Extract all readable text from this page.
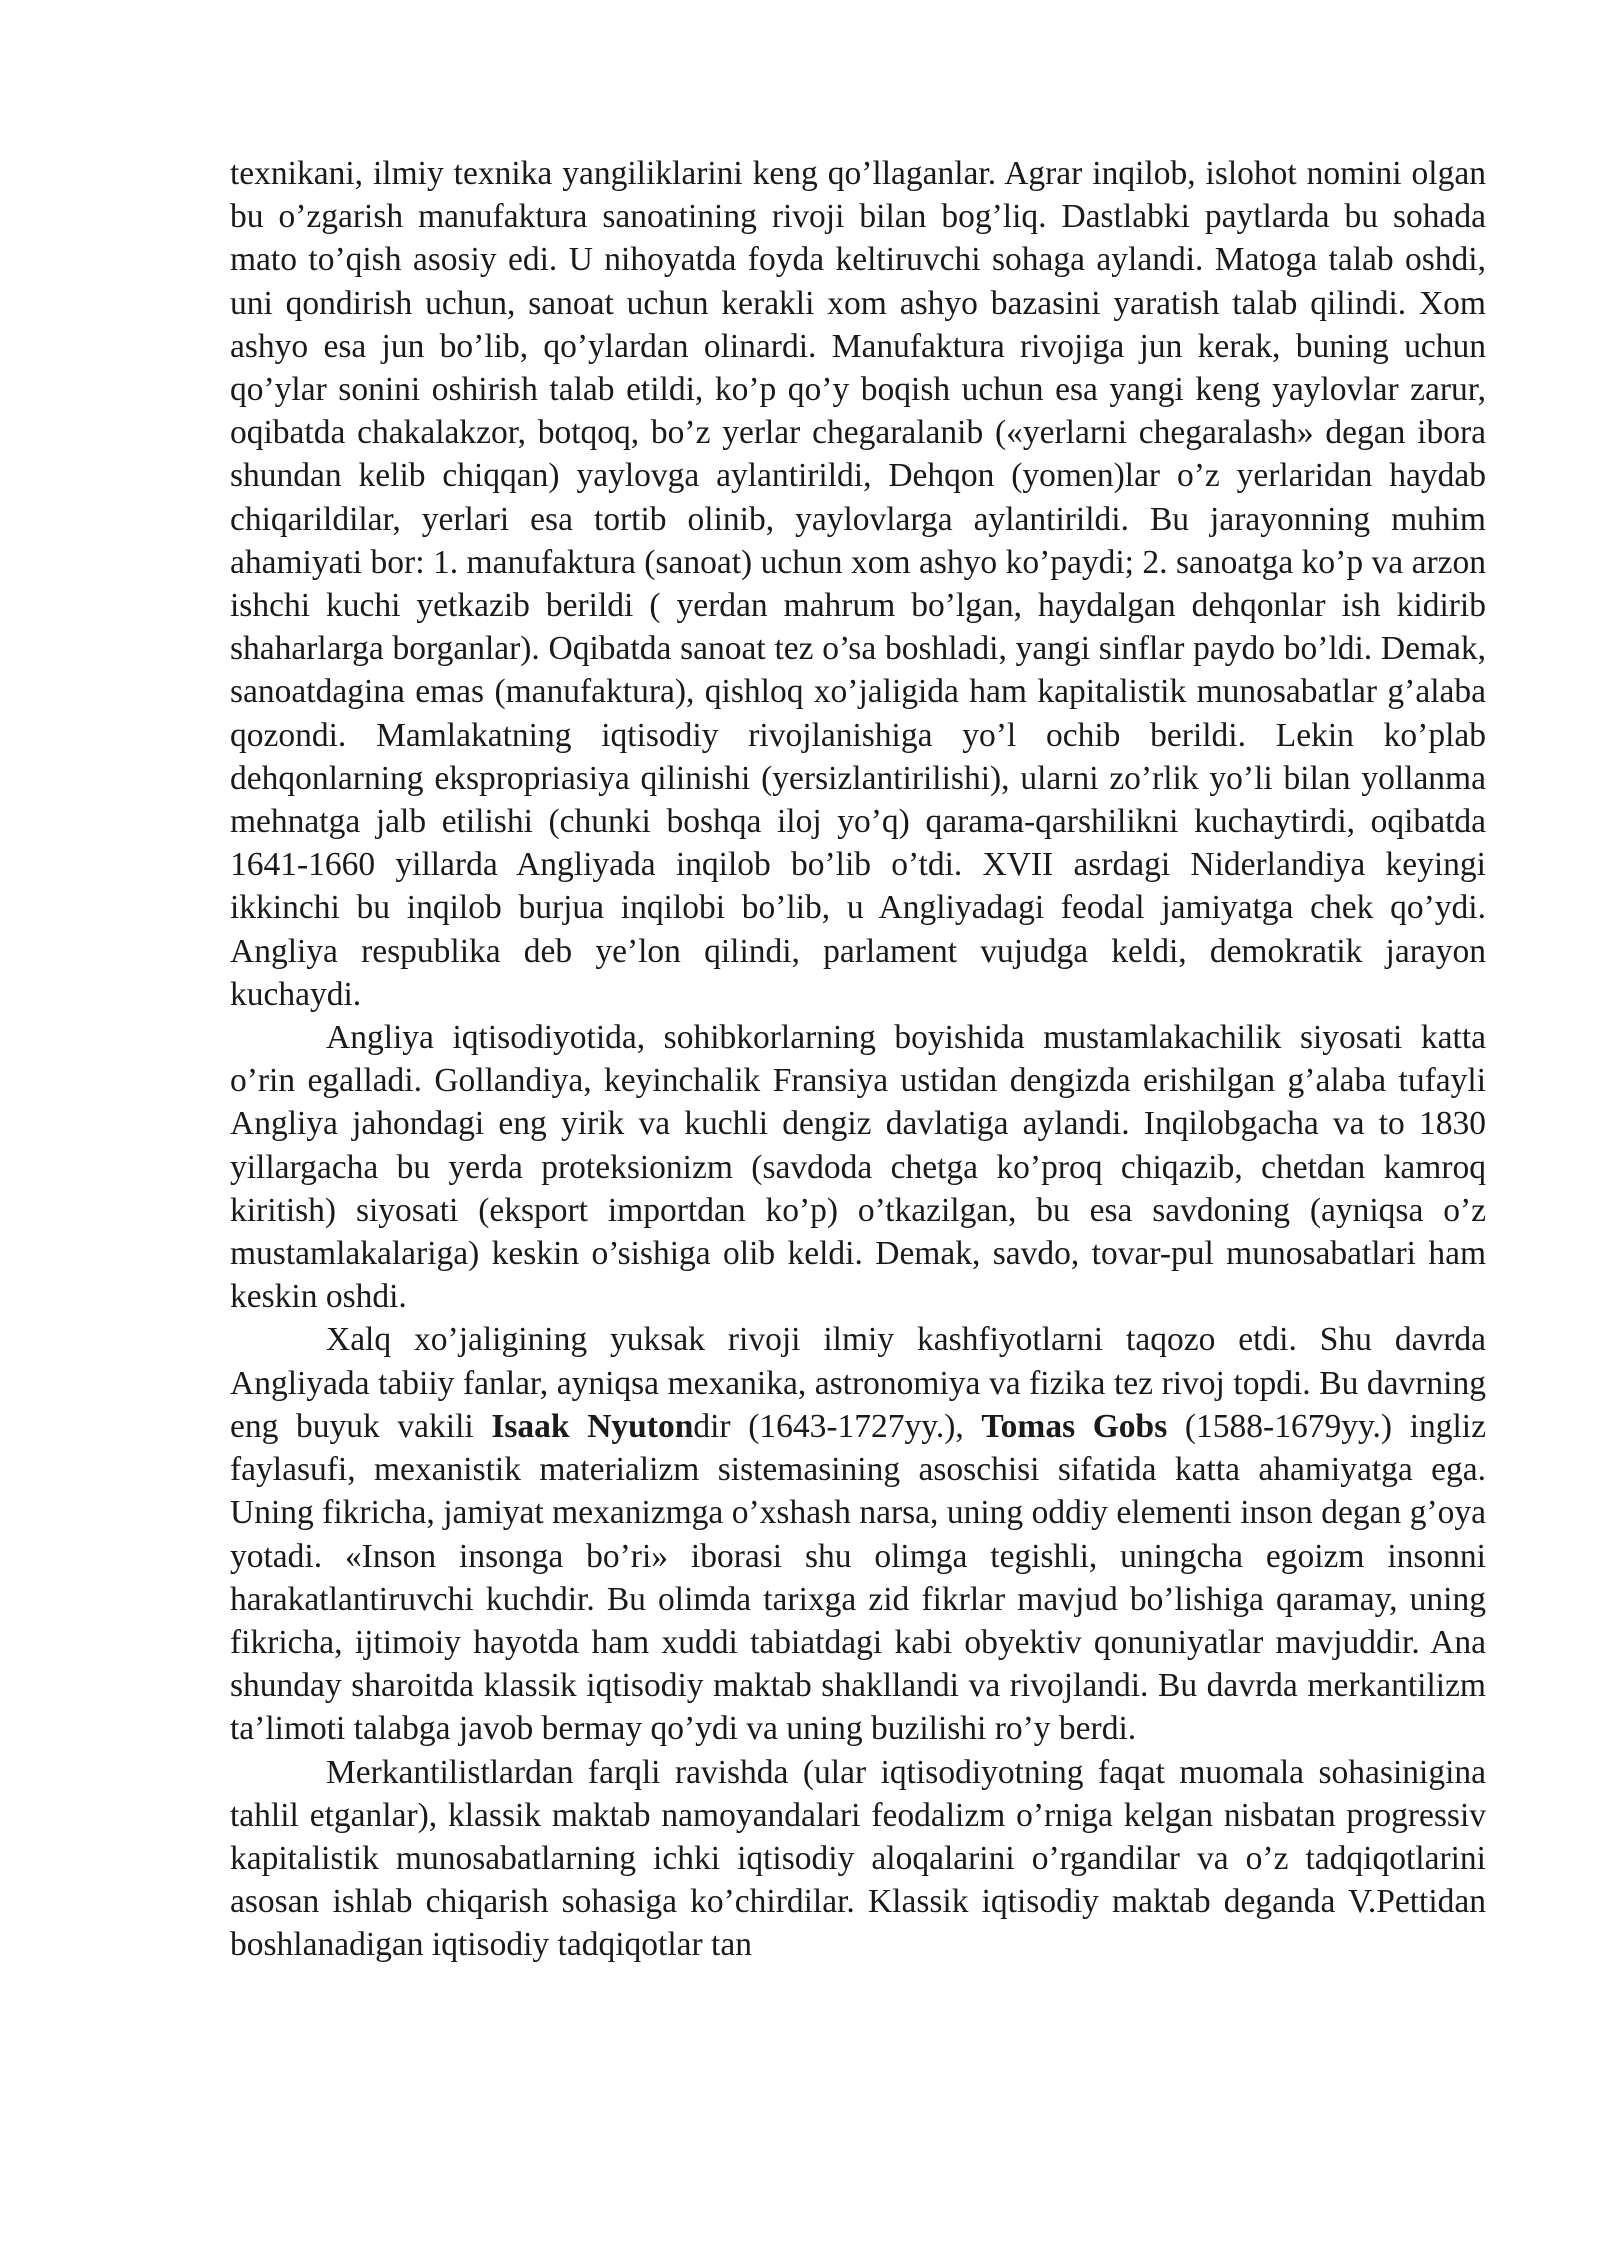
texnikani, ilmiy texnika yangiliklarini keng qo’llaganlar. Agrar inqilob, islohot nomini olgan bu o’zgarish manufaktura sanoatining rivoji bilan bog’liq. Dastlabki paytlarda bu sohada mato to’qish asosiy edi. U nihoyatda foyda keltiruvchi sohaga aylandi. Matoga talab oshdi, uni qondirish uchun, sanoat uchun kerakli xom ashyo bazasini yaratish talab qilindi. Xom ashyo esa jun bo’lib, qo’ylardan olinardi. Manufaktura rivojiga jun kerak, buning uchun qo’ylar sonini oshirish talab etildi, ko’p qo’y boqish uchun esa yangi keng yaylovlar zarur, oqibatda chakalakzor, botqoq, bo’z yerlar chegaralanib («yerlarni chegaralash» degan ibora shundan kelib chiqqan) yaylovga aylantirildi, Dehqon (yomen)lar o’z yerlaridan haydab chiqarildilar, yerlari esa tortib olinib, yaylovlarga aylantirildi. Bu jarayonning muhim ahamiyati bor: 1. manufaktura (sanoat) uchun xom ashyo ko’paydi; 2. sanoatga ko’p va arzon ishchi kuchi yetkazib berildi ( yerdan mahrum bo’lgan, haydalgan dehqonlar ish kidirib shaharlarga borganlar). Oqibatda sanoat tez o’sa boshladi, yangi sinflar paydo bo’ldi. Demak, sanoatdagina emas (manufaktura), qishloq xo’jaligida ham kapitalistik munosabatlar g’alaba qozondi. Mamlakatning iqtisodiy rivojlanishiga yo’l ochib berildi. Lekin ko’plab dehqonlarning ekspropriasiya qilinishi (yersizlantirilishi), ularni zo’rlik yo’li bilan yollanma mehnatga jalb etilishi (chunki boshqa iloj yo’q) qarama-qarshilikni kuchaytirdi, oqibatda 1641-1660 yillarda Angliyada inqilob bo’lib o’tdi. XVII asrdagi Niderlandiya keyingi ikkinchi bu inqilob burjua inqilobi bo’lib, u Angliyadagi feodal jamiyatga chek qo’ydi. Angliya respublika deb ye’lon qilindi, parlament vujudga keldi, demokratik jarayon kuchaydi.

Angliya iqtisodiyotida, sohibkorlarning boyishida mustamlakachilik siyosati katta o’rin egalladi. Gollandiya, keyinchalik Fransiya ustidan dengizda erishilgan g’alaba tufayli Angliya jahondagi eng yirik va kuchli dengiz davlatiga aylandi. Inqilobgacha va to 1830 yillargacha bu yerda proteksionizm (savdoda chetga ko’proq chiqazib, chetdan kamroq kiritish) siyosati (eksport importdan ko’p) o’tkazilgan, bu esa savdoning (ayniqsa o’z mustamlakalariga) keskin o’sishiga olib keldi. Demak, savdo, tovar-pul munosabatlari ham keskin oshdi.

Xalq xo’jaligining yuksak rivoji ilmiy kashfiyotlarni taqozo etdi. Shu davrda Angliyada tabiiy fanlar, ayniqsa mexanika, astronomiya va fizika tez rivoj topdi. Bu davrning eng buyuk vakili Isaak Nyutondir (1643-1727yy.), Tomas Gobs (1588-1679yy.) ingliz faylasufi, mexanistik materializm sistemasining asoschisi sifatida katta ahamiyatga ega. Uning fikricha, jamiyat mexanizmga o’xshash narsa, uning oddiy elementi inson degan g’oya yotadi. «Inson insonga bo’ri» iborasi shu olimga tegishli, uningcha egoizm insonni harakatlantiruvchi kuchdir. Bu olimda tarixga zid fikrlar mavjud bo’lishiga qaramay, uning fikricha, ijtimoiy hayotda ham xuddi tabiatdagi kabi obyektiv qonuniyatlar mavjuddir. Ana shunday sharoitda klassik iqtisodiy maktab shakllandi va rivojlandi. Bu davrda merkantilizm ta’limoti talabga javob bermay qo’ydi va uning buzilishi ro’y berdi.

Merkantilistlardan farqli ravishda (ular iqtisodiyotning faqat muomala sohasinigina tahlil etganlar), klassik maktab namoyandalari feodalizm o’rniga kelgan nisbatan progressiv kapitalistik munosabatlarning ichki iqtisodiy aloqalarini o’rgandilar va o’z tadqiqotlarini asosan ishlab chiqarish sohasiga ko’chirdilar. Klassik iqtisodiy maktab deganda V.Pettidan boshlanadigan iqtisodiy tadqiqotlar tan
